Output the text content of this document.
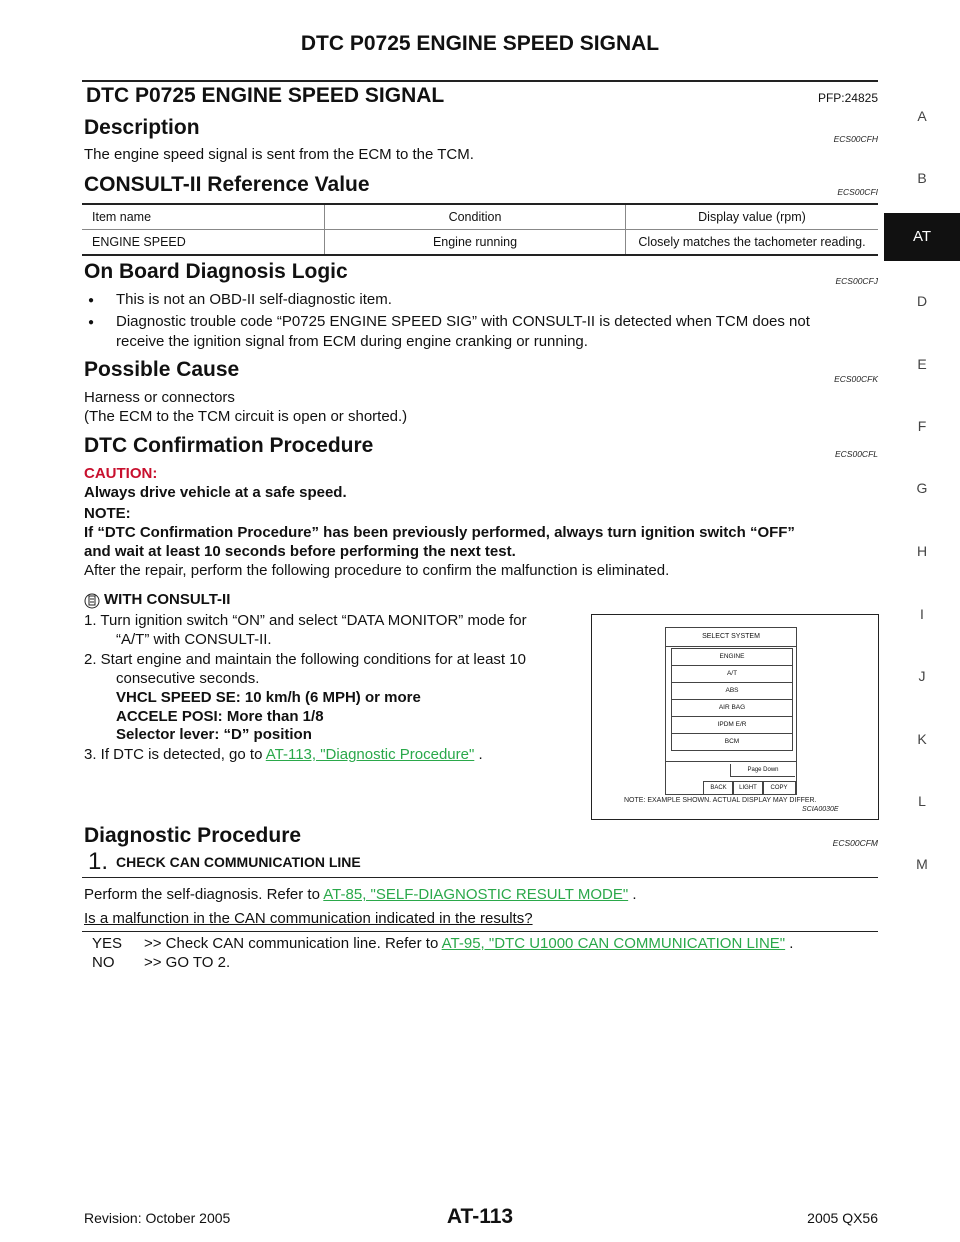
DTC P0725 ENGINE SPEED SIGNAL
A
B
AT
D
E
F
G
H
I
J
K
L
M
DTC P0725 ENGINE SPEED SIGNAL	PFP:24825
Description	ECS00CFH
The engine speed signal is sent from the ECM to the TCM.
CONSULT-II Reference Value	ECS00CFI
Item name	Condition	Display value (rpm)
ENGINE SPEED	Engine running	Closely matches the tachometer reading.
On Board Diagnosis Logic	ECS00CFJ
● This is not an OBD-II self-diagnostic item.
● Diagnostic trouble code “P0725 ENGINE SPEED SIG” with CONSULT-II is detected when TCM does not
receive the ignition signal from ECM during engine cranking or running.
Possible Cause	ECS00CFK
Harness or connectors
(The ECM to the TCM circuit is open or shorted.)
DTC Confirmation Procedure	ECS00CFL
CAUTION:
Always drive vehicle at a safe speed.
NOTE:
If “DTC Confirmation Procedure” has been previously performed, always turn ignition switch “OFF”
and wait at least 10 seconds before performing the next test.
After the repair, perform the following procedure to confirm the malfunction is eliminated.
WITH CONSULT-II
1. Turn ignition switch “ON” and select “DATA MONITOR” mode for
“A/T” with CONSULT-II.
2. Start engine and maintain the following conditions for at least 10
consecutive seconds.
VHCL SPEED SE: 10 km/h (6 MPH) or more
ACCELE POSI: More than 1/8
Selector lever: “D” position
3. If DTC is detected, go to AT-113, "Diagnostic Procedure" .
SELECT SYSTEM
ENGINE
A/T
ABS
AIR BAG
IPDM E/R
BCM
Page Down
BACK	LIGHT	COPY
NOTE: EXAMPLE SHOWN. ACTUAL DISPLAY MAY DIFFER.
SCIA0030E
Diagnostic Procedure	ECS00CFM
1. CHECK CAN COMMUNICATION LINE
Perform the self-diagnosis. Refer to AT-85, "SELF-DIAGNOSTIC RESULT MODE" .
Is a malfunction in the CAN communication indicated in the results?
YES >> Check CAN communication line. Refer to AT-95, "DTC U1000 CAN COMMUNICATION LINE" .
NO >> GO TO 2.
Revision: October 2005	AT-113	2005 QX56
